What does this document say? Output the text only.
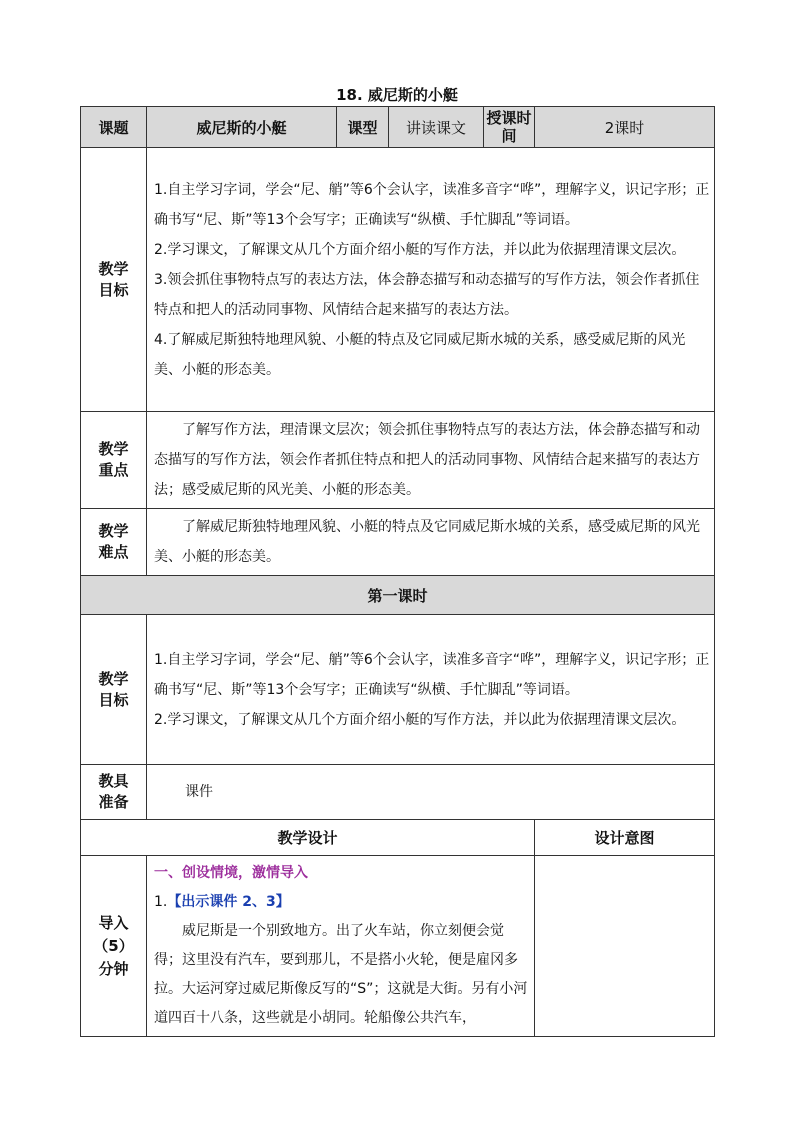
18. 威尼斯的小艇
课题	威尼斯的小艇	课型	讲读课文	授课时间	2课时

教学目标	1.自主学习字词，学会“尼、艄”等6个会认字，读准多音字“哗”，理解字义，识记字形；正确书写“尼、斯”等13个会写字；正确读写“纵横、手忙脚乱”等词语。

2.学习课文，了解课文从几个方面介绍小艇的写作方法，并以此为依据理清课文层次。

3.领会抓住事物特点写的表达方法，体会静态描写和动态描写的写作方法，领会作者抓住特点和把人的活动同事物、风情结合起来描写的表达方法。

4.了解威尼斯独特地理风貌、小艇的特点及它同威尼斯水城的关系，感受威尼斯的风光美、小艇的形态美。				

教学重点	了解写作方法，理清课文层次；领会抓住事物特点写的表达方法，体会静态描写和动态描写的写作方法，领会作者抓住特点和把人的活动同事物、风情结合起来描写的表达方法；感受威尼斯的风光美、小艇的形态美。				

教学难点	了解威尼斯独特地理风貌、小艇的特点及它同威尼斯水城的关系，感受威尼斯的风光美、小艇的形态美。				

第一课时					

教学目标	1.自主学习字词，学会“尼、艄”等6个会认字，读准多音字“哗”，理解字义，识记字形；正确书写“尼、斯”等13个会写字；正确读写“纵横、手忙脚乱”等词语。

2.学习课文，了解课文从几个方面介绍小艇的写作方法，并以此为依据理清课文层次。				

教具准备	课件				
教学设计					设计意图

导入（5）分钟	一、创设情境，激情导入

1.【出示课件 2、3】

威尼斯是一个别致地方。出了火车站，你立刻便会觉得；这里没有汽车，要到那儿，不是搭小火轮，便是雇冈多拉。大运河穿过威尼斯像反写的“S”；这就是大街。另有小河道四百十八条，这些就是小胡同。轮船像公共汽车，				
